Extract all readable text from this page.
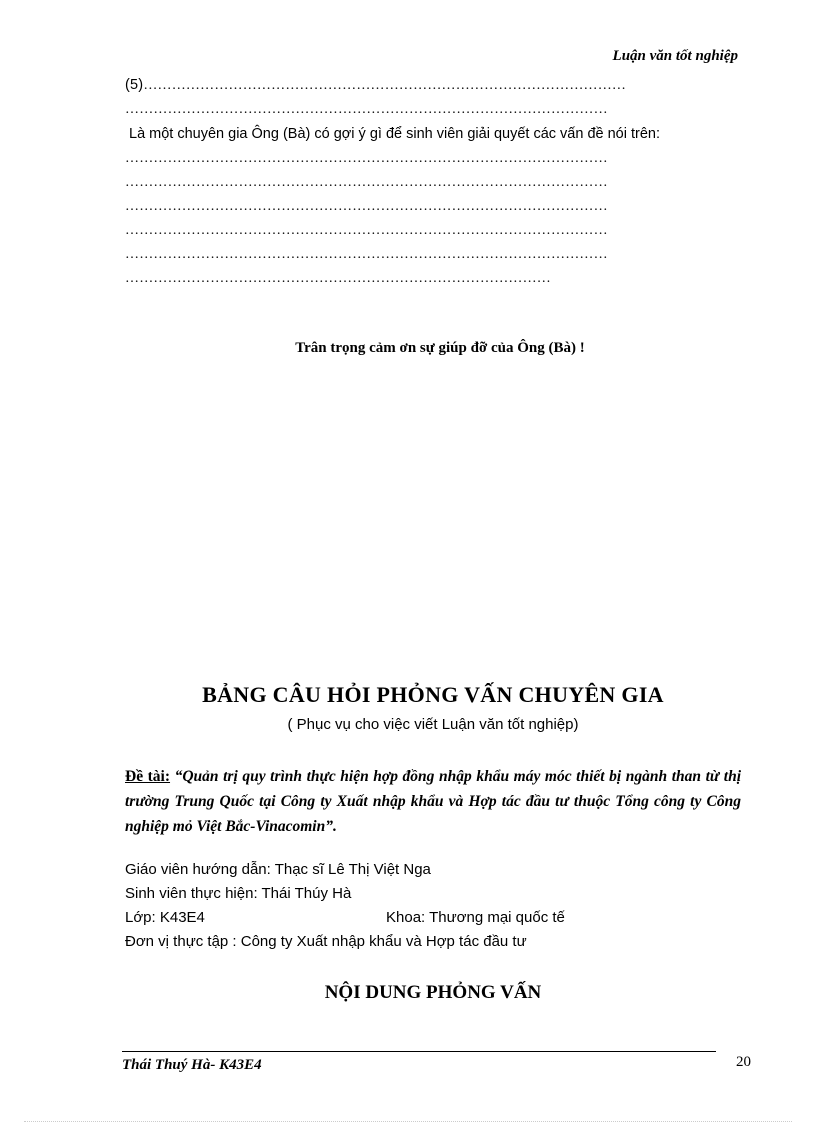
Luận văn tốt nghiệp
(5)…………………………………………………………………………………………
…………………………………………………………………………………………
Là một chuyên gia Ông (Bà) có gợi ý gì để sinh viên giải quyết các vấn đề nói trên:
…………………………………………………………………………………………
…………………………………………………………………………………………
…………………………………………………………………………………………
…………………………………………………………………………………………
…………………………………………………………………………………………
………………………………………………………………………………
Trân trọng cảm ơn sự giúp đỡ của Ông (Bà) !
BẢNG CÂU HỎI PHỎNG VẤN CHUYÊN GIA
( Phục vụ cho việc viết Luận văn tốt nghiệp)
Đề tài: “Quản trị quy trình thực hiện hợp đồng nhập khẩu máy móc thiết bị ngành than từ thị trường Trung Quốc tại Công ty Xuất nhập khẩu và Hợp tác đầu tư thuộc Tổng công ty Công nghiệp mỏ Việt Bắc-Vinacomin”.
Giáo viên hướng dẫn: Thạc sĩ Lê Thị Việt Nga
Sinh viên thực hiện: Thái Thúy Hà
Lớp: K43E4	Khoa: Thương mại quốc tế
Đơn vị thực tập : Công ty Xuất nhập khẩu và Hợp tác đầu tư
NỘI DUNG PHỎNG VẤN
Thái Thuý Hà- K43E4	20
